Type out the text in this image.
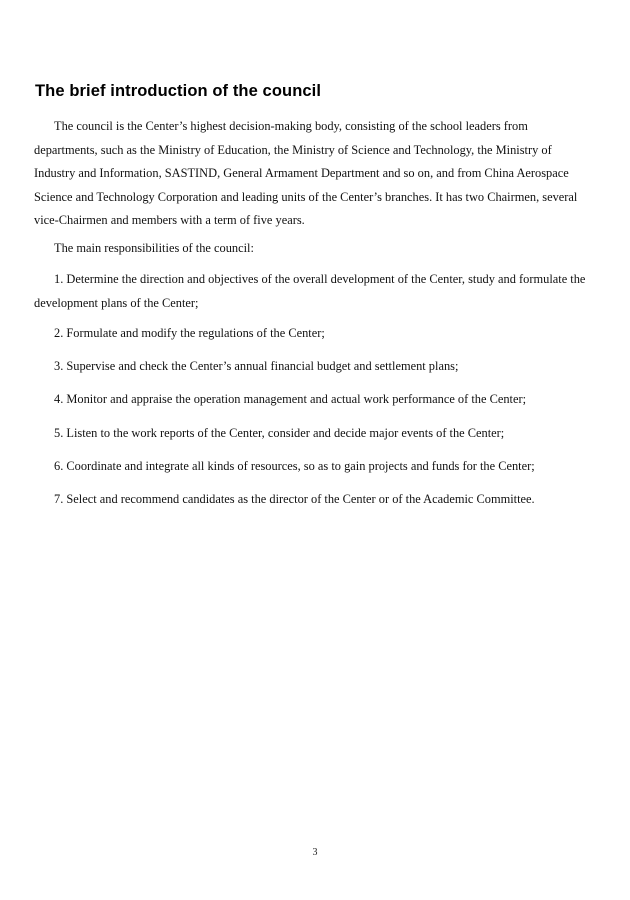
The brief introduction of the council

The council is the Center’s highest decision-making body, consisting of the school leaders from departments, such as the Ministry of Education, the Ministry of Science and Technology, the Ministry of Industry and Information, SASTIND, General Armament Department and so on, and from China Aerospace Science and Technology Corporation and leading units of the Center’s branches. It has two Chairmen, several vice-Chairmen and members with a term of five years.

The main responsibilities of the council:

1. Determine the direction and objectives of the overall development of the Center, study and formulate the development plans of the Center;

2. Formulate and modify the regulations of the Center;

3. Supervise and check the Center’s annual financial budget and settlement plans;

4. Monitor and appraise the operation management and actual work performance of the Center;

5. Listen to the work reports of the Center, consider and decide major events of the Center;

6. Coordinate and integrate all kinds of resources, so as to gain projects and funds for the Center;

7. Select and recommend candidates as the director of the Center or of the Academic Committee.

3
